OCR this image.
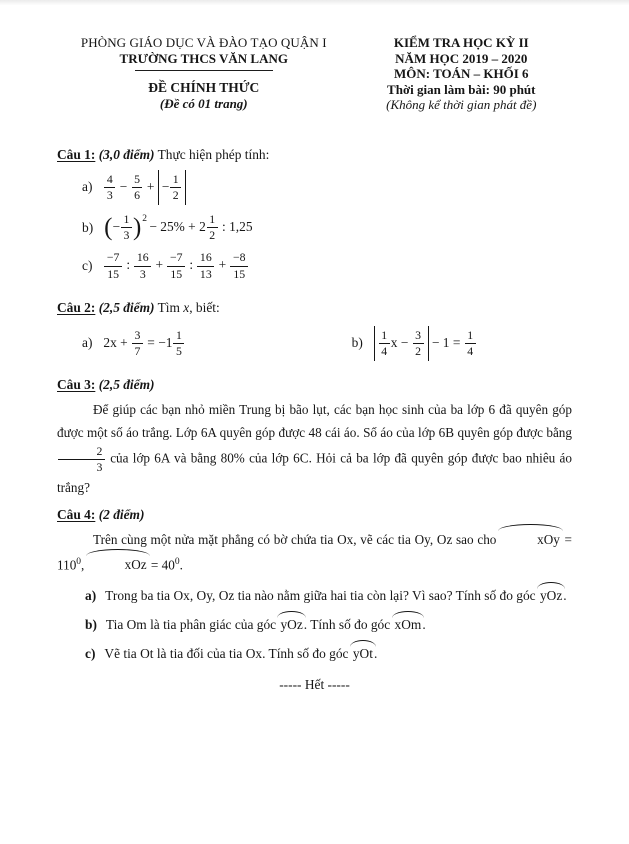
PHÒNG GIÁO DỤC VÀ ĐÀO TẠO QUẬN I
TRƯỜNG THCS VĂN LANG
ĐỀ CHÍNH THỨC
(Đề có 01 trang)
KIỂM TRA HỌC KỲ II
NĂM HỌC 2019 – 2020
MÔN: TOÁN – KHỐI 6
Thời gian làm bài: 90 phút
(Không kể thời gian phát đề)
Câu 1: (3,0 điểm) Thực hiện phép tính:
$a) \frac{4}{3} - \frac{5}{6}$ + − $\frac{1}{2}$
b) (− $\frac{1}{3} )^2 - 25\% + 2 \frac{1}{2}$ : 1,25
$c) \frac{-7}{15}$ : $\frac{16}{3} + \frac{-7}{15}$ : $\frac{16}{13} + \frac{-8}{15}$
Câu 2: (2,5 điểm) Tìm x, biết:
a) $2x + \frac{3}{7} = -1 \frac{1}{5}$	$b) \frac{1}{4}$ $x - \frac{3}{2} - 1 = \frac{1}{4}$
Câu 3: (2,5 điểm)
Để giúp các bạn nhỏ miền Trung bị bão lụt, các bạn học sinh của ba lớp 6 đã quyên góp được một số áo trắng. Lớp 6A quyên góp được 48 cái áo. Số áo của lớp 6B quyên góp được bằng
$\frac{2}{3}$ của lớp 6A và bằng 80% của lớp 6C. Hỏi cả ba lớp đã quyên góp được bao nhiêu áo trắng?
Câu 4: (2 điểm)
Trên cùng một nửa mặt phẳng có bờ chứa tia Ox, vẽ các tia Oy, Oz sao cho	xOy = $110^0$,	xOz = $40^0$.
a) Trong ba tia Ox, Oy, Oz tia nào nằm giữa hai tia còn lại? Vì sao? Tính số đo góc yOz.
b) Tia Om là tia phân giác của góc yOz. Tính số đo góc xOm.
c) Vẽ tia Ot là tia đối của tia Ox. Tính số đo góc yOt.
----- Hết -----
